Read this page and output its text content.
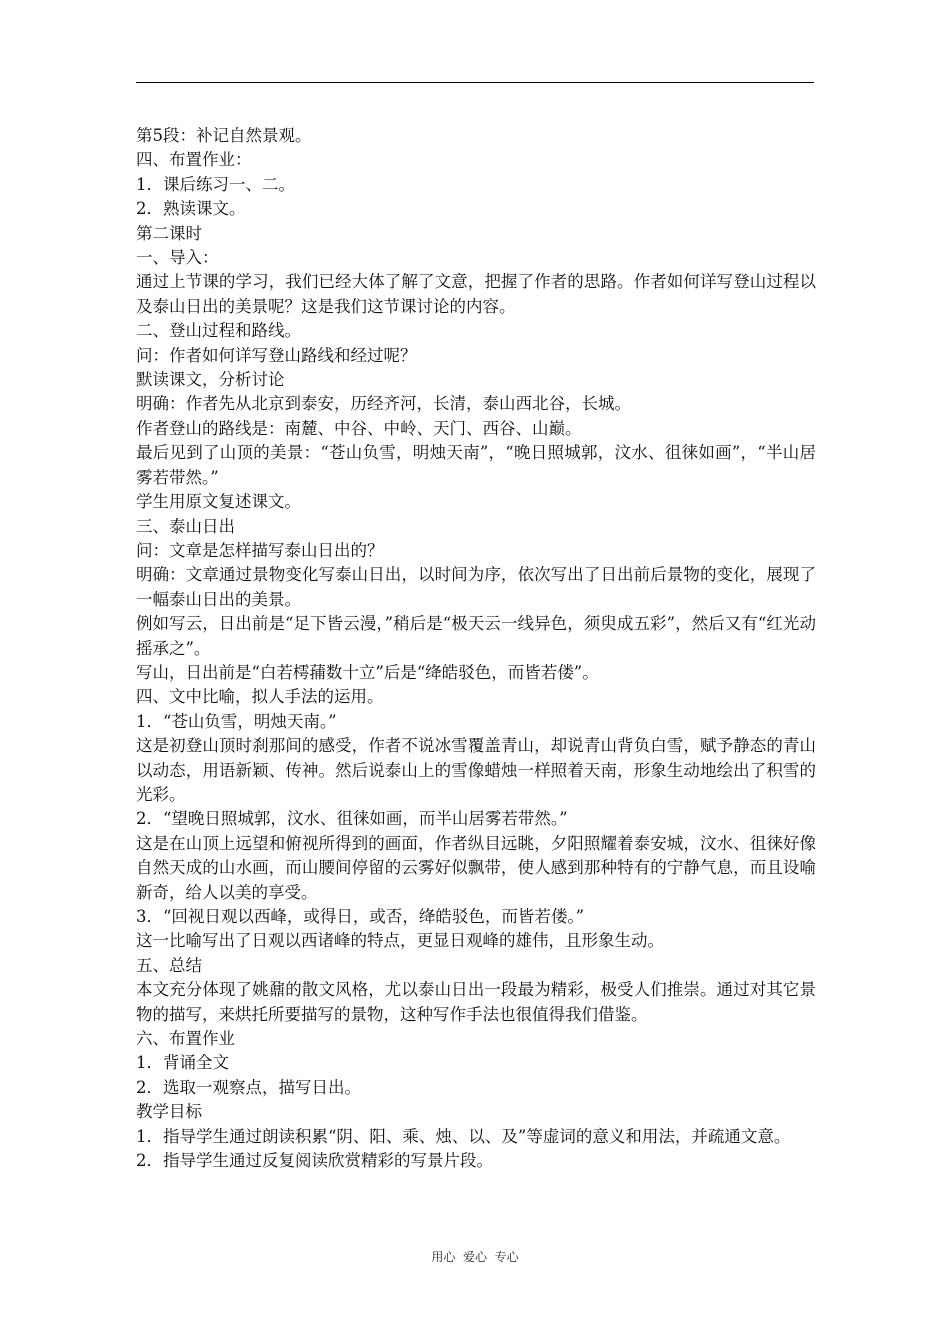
第5段：补记自然景观。

四、布置作业：

1．课后练习一、二。

2．熟读课文。

第二课时

一、导入：

通过上节课的学习，我们已经大体了解了文意，把握了作者的思路。作者如何详写登山过程以及泰山日出的美景呢？这是我们这节课讨论的内容。

二、登山过程和路线。

问：作者如何详写登山路线和经过呢？

默读课文，分析讨论

明确：作者先从北京到泰安，历经齐河，长清，泰山西北谷，长城。

作者登山的路线是：南麓、中谷、中岭、天门、西谷、山巅。

最后见到了山顶的美景：“苍山负雪，明烛天南”，“晚日照城郭，汶水、徂徕如画”，“半山居雾若带然。”

学生用原文复述课文。

三、泰山日出

问：文章是怎样描写泰山日出的？

明确：文章通过景物变化写泰山日出，以时间为序，依次写出了日出前后景物的变化，展现了一幅泰山日出的美景。

例如写云，日出前是“足下皆云漫，”稍后是“极天云一线异色，须臾成五彩”，然后又有“红光动摇承之”。

写山，日出前是“白若樗蒱数十立”后是“绛皓驳色，而皆若偻”。

四、文中比喻，拟人手法的运用。

1．“苍山负雪，明烛天南。”

这是初登山顶时刹那间的感受，作者不说冰雪覆盖青山，却说青山背负白雪，赋予静态的青山以动态，用语新颖、传神。然后说泰山上的雪像蜡烛一样照着天南，形象生动地绘出了积雪的光彩。

2．“望晚日照城郭，汶水、徂徕如画，而半山居雾若带然。”

这是在山顶上远望和俯视所得到的画面，作者纵目远眺，夕阳照耀着泰安城，汶水、徂徕好像自然天成的山水画，而山腰间停留的云雾好似飘带，使人感到那种特有的宁静气息，而且设喻新奇，给人以美的享受。

3．“回视日观以西峰，或得日，或否，绛皓驳色，而皆若偻。”

这一比喻写出了日观以西诸峰的特点，更显日观峰的雄伟，且形象生动。

五、总结

本文充分体现了姚鼐的散文风格，尤以泰山日出一段最为精彩，极受人们推崇。通过对其它景物的描写，来烘托所要描写的景物，这种写作手法也很值得我们借鉴。

六、布置作业

1．背诵全文

2．选取一观察点，描写日出。

教学目标

1．指导学生通过朗读积累“阴、阳、乘、烛、以、及”等虚词的意义和用法，并疏通文意。

2．指导学生通过反复阅读欣赏精彩的写景片段。

用心  爱心  专心
